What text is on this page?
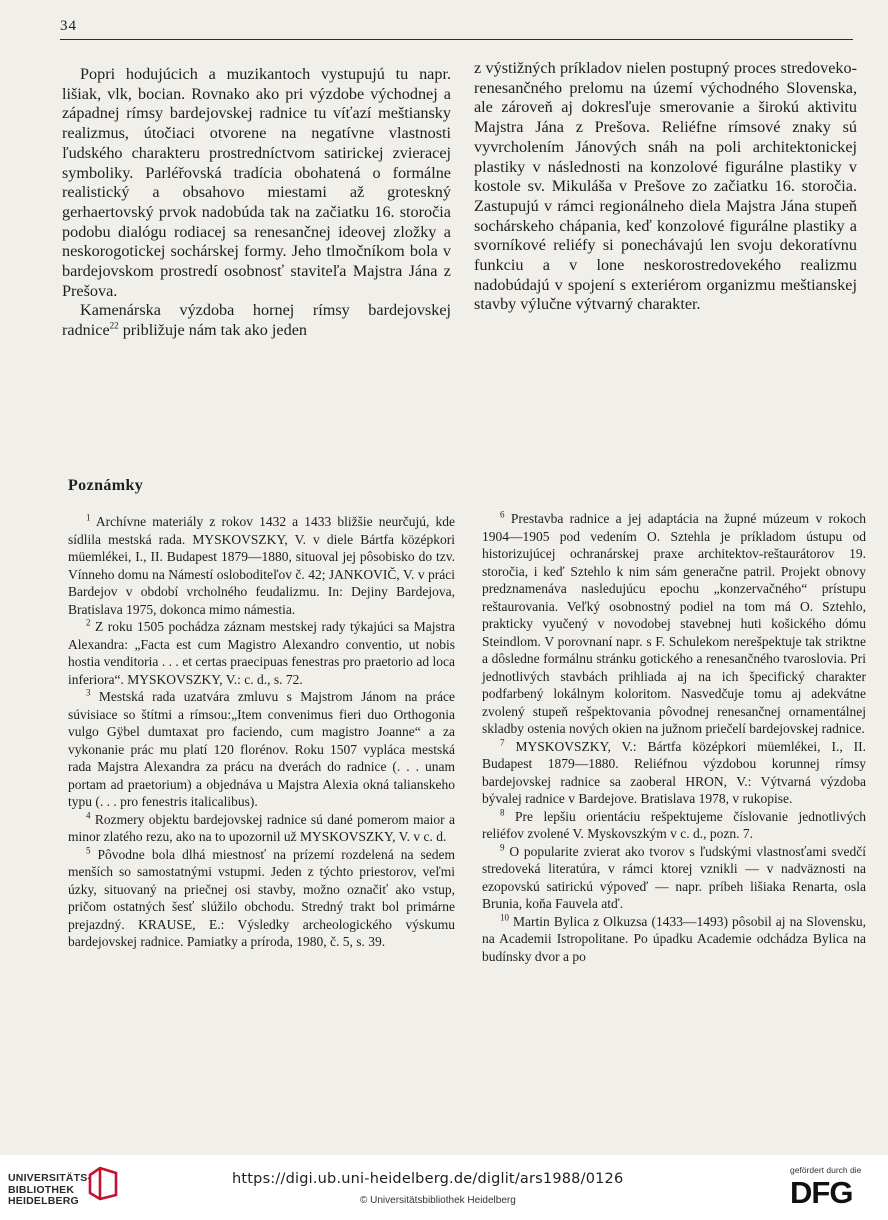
34

Popri hodujúcich a muzikantoch vystupujú tu napr. lišiak, vlk, bocian. Rovnako ako pri výzdobe východnej a západnej rímsy bardejovskej radnice tu víťazí meštiansky realizmus, útočiaci otvorene na negatívne vlastnosti ľudského charakteru prostredníctvom satirickej zvieracej symboliky. Parléřovská tradícia obohatená o formálne realistický a obsahovo miestami až groteskný gerhaertovský prvok nadobúda tak na začiatku 16. storočia podobu dialógu rodiacej sa renesančnej ideovej zložky a neskorogotickej sochárskej formy. Jeho tlmočníkom bola v bardejovskom prostredí osobnosť staviteľa Majstra Jána z Prešova.

Kamenárska výzdoba hornej rímsy bardejovskej radnice$^{22}$ približuje nám tak ako jeden

z výstižných príkladov nielen postupný proces stredoveko-renesančného prelomu na území východného Slovenska, ale zároveň aj dokresľuje smerovanie a širokú aktivitu Majstra Jána z Prešova. Reliéfne rímsové znaky sú vyvrcholením Jánových snáh na poli architektonickej plastiky v následnosti na konzolové figurálne plastiky v kostole sv. Mikuláša v Prešove zo začiatku 16. storočia. Zastupujú v rámci regionálneho diela Majstra Jána stupeň sochárskeho chápania, keď konzolové figurálne plastiky a svorníkové reliéfy si ponechávajú len svoju dekoratívnu funkciu a v lone neskorostredovekého realizmu nadobúdajú v spojení s exteriérom organizmu meštianskej stavby výlučne výtvarný charakter.

Poznámky

$^1$ Archívne materiály z rokov 1432 a 1433 bližšie neurčujú, kde sídlila mestská rada. MYSKOVSZKY, V. v diele Bártfa középkori müemlékei, I., II. Budapest 1879—1880, situoval jej pôsobisko do tzv. Vínneho domu na Námestí osloboditeľov č. 42; JANKOVIČ, V. v práci Bardejov v období vrcholného feudalizmu. In: Dejiny Bardejova, Bratislava 1975, dokonca mimo námestia.

$^2$ Z roku 1505 pochádza záznam mestskej rady týkajúci sa Majstra Alexandra: „Facta est cum Magistro Alexandro conventio, ut nobis hostia venditoria . . . et certas praecipuas fenestras pro praetorio ad loca inferiora“. MYSKOVSZKY, V.: c. d., s. 72.

$^3$ Mestská rada uzatvára zmluvu s Majstrom Jánom na práce súvisiace so štítmi a rímsou:„Item convenimus fieri duo Orthogonia vulgo Gÿbel dumtaxat pro faciendo, cum magistro Joanne“ a za vykonanie prác mu platí 120 florénov. Roku 1507 vypláca mestská rada Majstra Alexandra za prácu na dverách do radnice (. . . unam portam ad praetorium) a objednáva u Majstra Alexia okná talianskeho typu (. . . pro fenestris italicalibus).

$^4$ Rozmery objektu bardejovskej radnice sú dané pomerom maior a minor zlatého rezu, ako na to upozornil už MYSKOVSZKY, V. v c. d.

$^5$ Pôvodne bola dlhá miestnosť na prízemí rozdelená na sedem menších so samostatnými vstupmi. Jeden z týchto priestorov, veľmi úzky, situovaný na priečnej osi stavby, možno označiť ako vstup, pričom ostatných šesť slúžilo obchodu. Stredný trakt bol primárne prejazdný. KRAUSE, E.: Výsledky archeologického výskumu bardejovskej radnice. Pamiatky a príroda, 1980, č. 5, s. 39.

$^6$ Prestavba radnice a jej adaptácia na župné múzeum v rokoch 1904—1905 pod vedením O. Sztehla je príkladom ústupu od historizujúcej ochranárskej praxe architektov-reštaurátorov 19. storočia, i keď Sztehlo k nim sám generačne patril. Projekt obnovy predznamenáva nasledujúcu epochu „konzervačného“ prístupu reštaurovania. Veľký osobnostný podiel na tom má O. Sztehlo, prakticky vyučený v novodobej stavebnej huti košického dómu Steindlom. V porovnaní napr. s F. Schulekom nerešpektuje tak striktne a dôsledne formálnu stránku gotického a renesančného tvaroslovia. Pri jednotlivých stavbách prihliada aj na ich špecifický charakter podfarbený lokálnym koloritom. Nasvedčuje tomu aj adekvátne zvolený stupeň rešpektovania pôvodnej renesančnej ornamentálnej skladby ostenia nových okien na južnom priečelí bardejovskej radnice.

$^7$ MYSKOVSZKY, V.: Bártfa középkori müemlékei, I., II. Budapest 1879—1880. Reliéfnou výzdobou korunnej rímsy bardejovskej radnice sa zaoberal HRON, V.: Výtvarná výzdoba bývalej radnice v Bardejove. Bratislava 1978, v rukopise.

$^8$ Pre lepšiu orientáciu rešpektujeme číslovanie jednotlivých reliéfov zvolené V. Myskovszkým v c. d., pozn. 7.

$^9$ O popularite zvierat ako tvorov s ľudskými vlastnosťami svedčí stredoveká literatúra, v rámci ktorej vznikli — v nadväznosti na ezopovskú satirickú výpoveď — napr. príbeh lišiaka Renarta, osla Brunia, koňa Fauvela atď.

$^{10}$ Martin Bylica z Olkuzsa (1433—1493) pôsobil aj na Slovensku, na Academii Istropolitane. Po úpadku Academie odchádza Bylica na budínsky dvor a po

UNIVERSITÄTS-
BIBLIOTHEK
HEIDELBERG
https://digi.ub.uni-heidelberg.de/diglit/ars1988/0126
© Universitätsbibliothek Heidelberg
gefördert durch die
DFG
